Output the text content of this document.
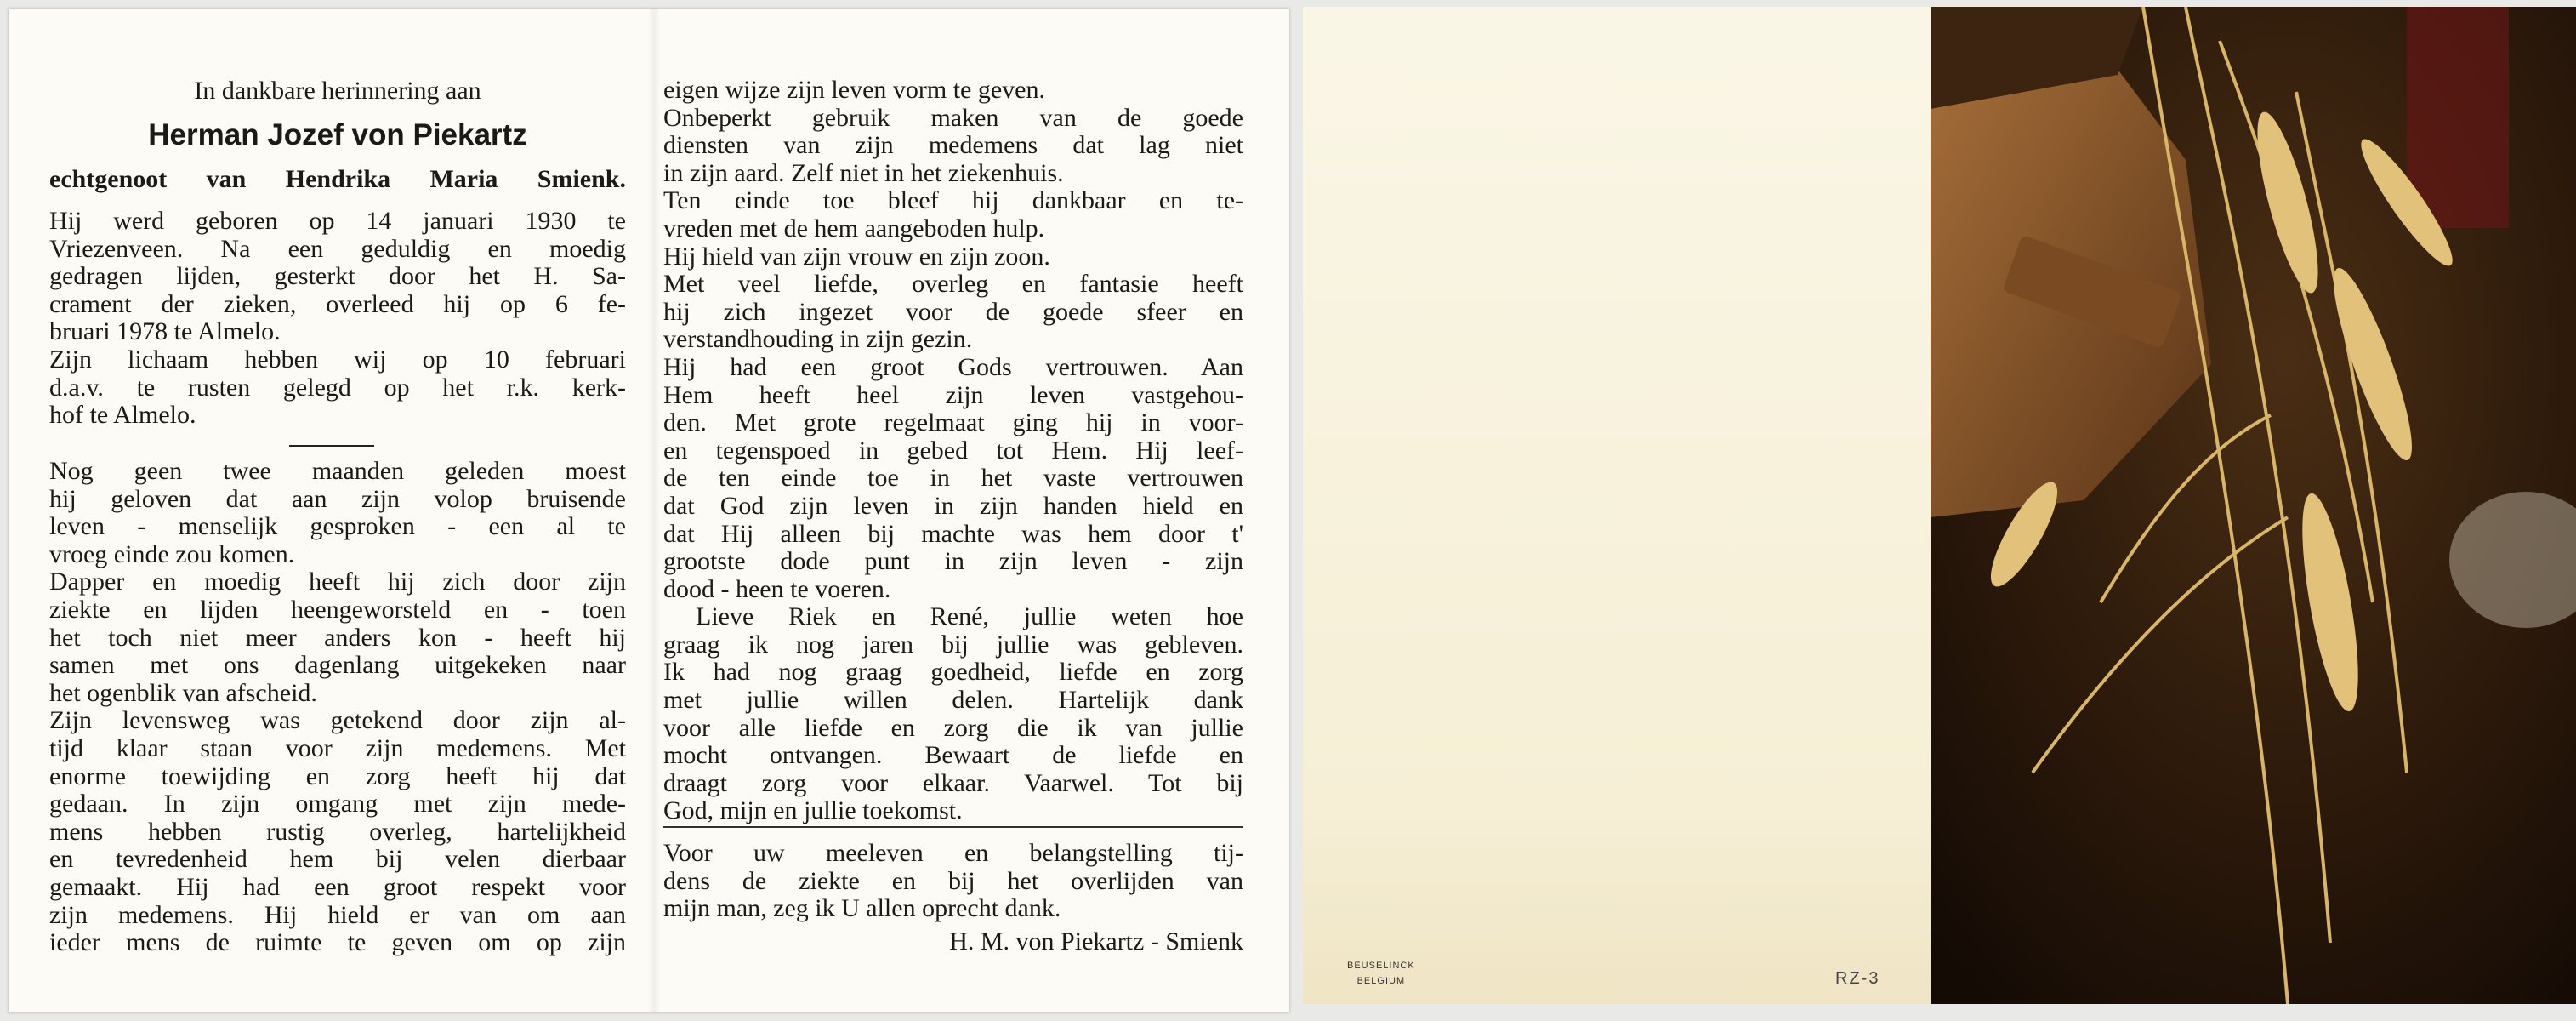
In dankbare herinnering aan
Herman Jozef von Piekartz
echtgenoot van Hendrika Maria Smienk.
Hij werd geboren op 14 januari 1930 te
Vriezenveen. Na een geduldig en moedig
gedragen lijden, gesterkt door het H. Sa-
crament der zieken, overleed hij op 6 fe-
bruari 1978 te Almelo.
Zijn lichaam hebben wij op 10 februari
d.a.v. te rusten gelegd op het r.k. kerk-
hof te Almelo.
Nog geen twee maanden geleden moest
hij geloven dat aan zijn volop bruisende
leven - menselijk gesproken - een al te
vroeg einde zou komen.
Dapper en moedig heeft hij zich door zijn
ziekte en lijden heengeworsteld en - toen
het toch niet meer anders kon - heeft hij
samen met ons dagenlang uitgekeken naar
het ogenblik van afscheid.
Zijn levensweg was getekend door zijn al-
tijd klaar staan voor zijn medemens. Met
enorme toewijding en zorg heeft hij dat
gedaan. In zijn omgang met zijn mede-
mens hebben rustig overleg, hartelijkheid
en tevredenheid hem bij velen dierbaar
gemaakt. Hij had een groot respekt voor
zijn medemens. Hij hield er van om aan
ieder mens de ruimte te geven om op zijn
eigen wijze zijn leven vorm te geven.
Onbeperkt gebruik maken van de goede
diensten van zijn medemens dat lag niet
in zijn aard. Zelf niet in het ziekenhuis.
Ten einde toe bleef hij dankbaar en te-
vreden met de hem aangeboden hulp.
Hij hield van zijn vrouw en zijn zoon.
Met veel liefde, overleg en fantasie heeft
hij zich ingezet voor de goede sfeer en
verstandhouding in zijn gezin.
Hij had een groot Gods vertrouwen. Aan
Hem heeft heel zijn leven vastgehou-
den. Met grote regelmaat ging hij in voor-
en tegenspoed in gebed tot Hem. Hij leef-
de ten einde toe in het vaste vertrouwen
dat God zijn leven in zijn handen hield en
dat Hij alleen bij machte was hem door t'
grootste dode punt in zijn leven - zijn
dood - heen te voeren.
Lieve Riek en René, jullie weten hoe
graag ik nog jaren bij jullie was gebleven.
Ik had nog graag goedheid, liefde en zorg
met jullie willen delen. Hartelijk dank
voor alle liefde en zorg die ik van jullie
mocht ontvangen. Bewaart de liefde en
draagt zorg voor elkaar. Vaarwel. Tot bij
God, mijn en jullie toekomst.
Voor uw meeleven en belangstelling tij-
dens de ziekte en bij het overlijden van
mijn man, zeg ik U allen oprecht dank.
H. M. von Piekartz - Smienk
BEUSELINCK
BELGIUM	RZ-3
